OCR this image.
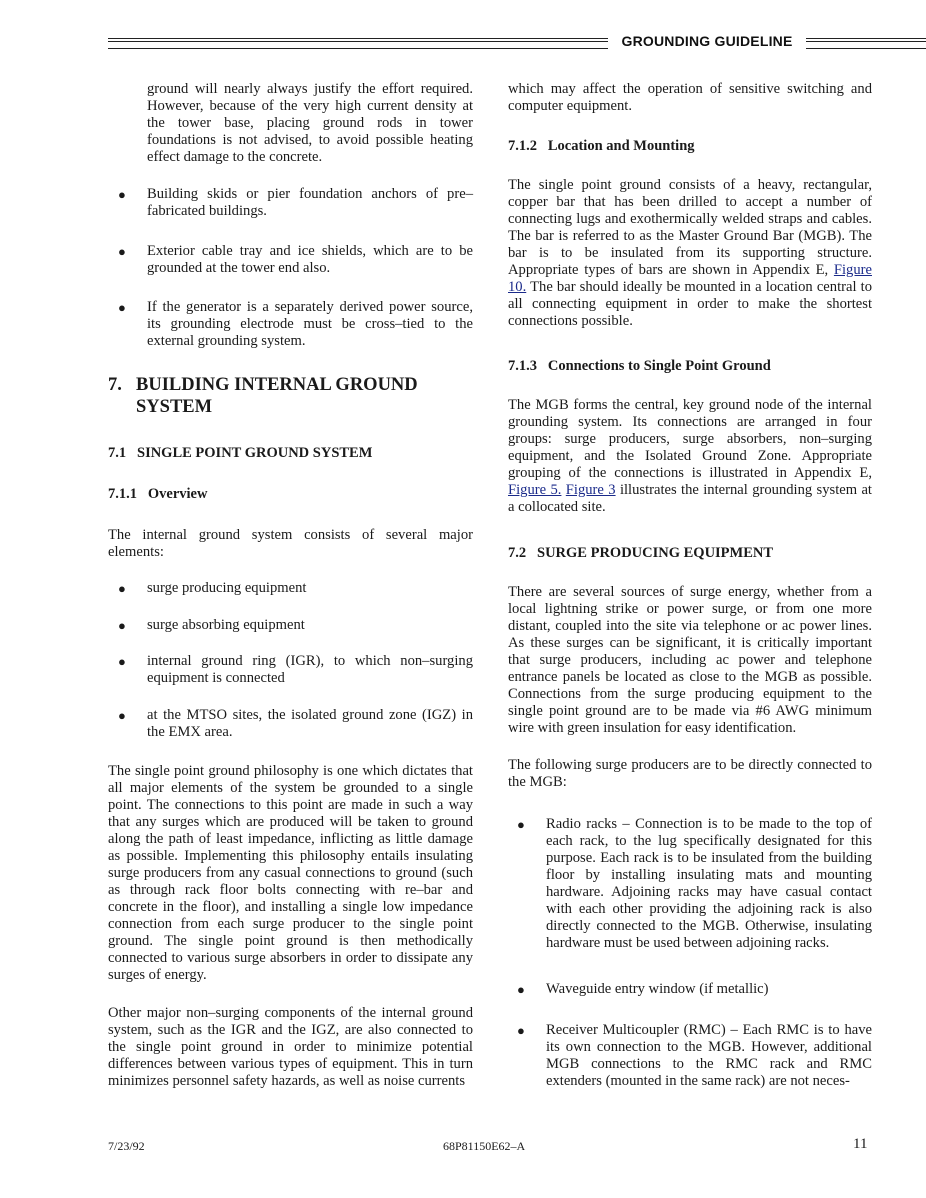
GROUNDING GUIDELINE

ground will nearly always justify the effort required. However, because of the very high current density at the tower base, placing ground rods in tower foundations is not advised, to avoid possible heating effect damage to the concrete.

● Building skids or pier foundation anchors of pre–fabricated buildings.

● Exterior cable tray and ice shields, which are to be grounded at the tower end also.

● If the generator is a separately derived power source, its grounding electrode must be cross–tied to the external grounding system.

7. BUILDING INTERNAL GROUND SYSTEM
7.1   SINGLE POINT GROUND SYSTEM
7.1.1   Overview

The internal ground system consists of several major elements:

● surge producing equipment

● surge absorbing equipment

● internal ground ring (IGR), to which non–surging equipment is connected

● at the MTSO sites, the isolated ground zone (IGZ) in the EMX area.

The single point ground philosophy is one which dictates that all major elements of the system be grounded to a single point. The connections to this point are made in such a way that any surges which are produced will be taken to ground along the path of least impedance, inflicting as little damage as possible. Implementing this philosophy entails insulating surge producers from any casual connections to ground (such as through rack floor bolts connecting with re–bar and concrete in the floor), and installing a single low impedance connection from each surge producer to the single point ground. The single point ground is then methodically connected to various surge absorbers in order to dissipate any surges of energy.

Other major non–surging components of the internal ground system, such as the IGR and the IGZ, are also connected to the single point ground in order to minimize potential differences between various types of equipment. This in turn minimizes personnel safety hazards, as well as noise currents

which may affect the operation of sensitive switching and computer equipment.

7.1.2   Location and Mounting

The single point ground consists of a heavy, rectangular, copper bar that has been drilled to accept a number of connecting lugs and exothermically welded straps and cables. The bar is referred to as the Master Ground Bar (MGB). The bar is to be insulated from its supporting structure. Appropriate types of bars are shown in Appendix E, Figure 10. The bar should ideally be mounted in a location central to all connecting equipment in order to make the shortest connections possible.

7.1.3   Connections to Single Point Ground

The MGB forms the central, key ground node of the internal grounding system. Its connections are arranged in four groups: surge producers, surge absorbers, non–surging equipment, and the Isolated Ground Zone. Appropriate grouping of the connections is illustrated in Appendix E, Figure 5. Figure 3 illustrates the internal grounding system at a collocated site.

7.2   SURGE PRODUCING EQUIPMENT

There are several sources of surge energy, whether from a local lightning strike or power surge, or from one more distant, coupled into the site via telephone or ac power lines. As these surges can be significant, it is critically important that surge producers, including ac power and telephone entrance panels be located as close to the MGB as possible. Connections from the surge producing equipment to the single point ground are to be made via #6 AWG minimum wire with green insulation for easy identification.

The following surge producers are to be directly connected to the MGB:

● Radio racks – Connection is to be made to the top of each rack, to the lug specifically designated for this purpose. Each rack is to be insulated from the building floor by installing insulating mats and mounting hardware. Adjoining racks may have casual contact with each other providing the adjoining rack is also directly connected to the MGB. Otherwise, insulating hardware must be used between adjoining racks.

● Waveguide entry window (if metallic)

● Receiver Multicoupler (RMC) – Each RMC is to have its own connection to the MGB. However, additional MGB connections to the RMC rack and RMC extenders (mounted in the same rack) are not neces-

7/23/92	68P81150E62–A	11
